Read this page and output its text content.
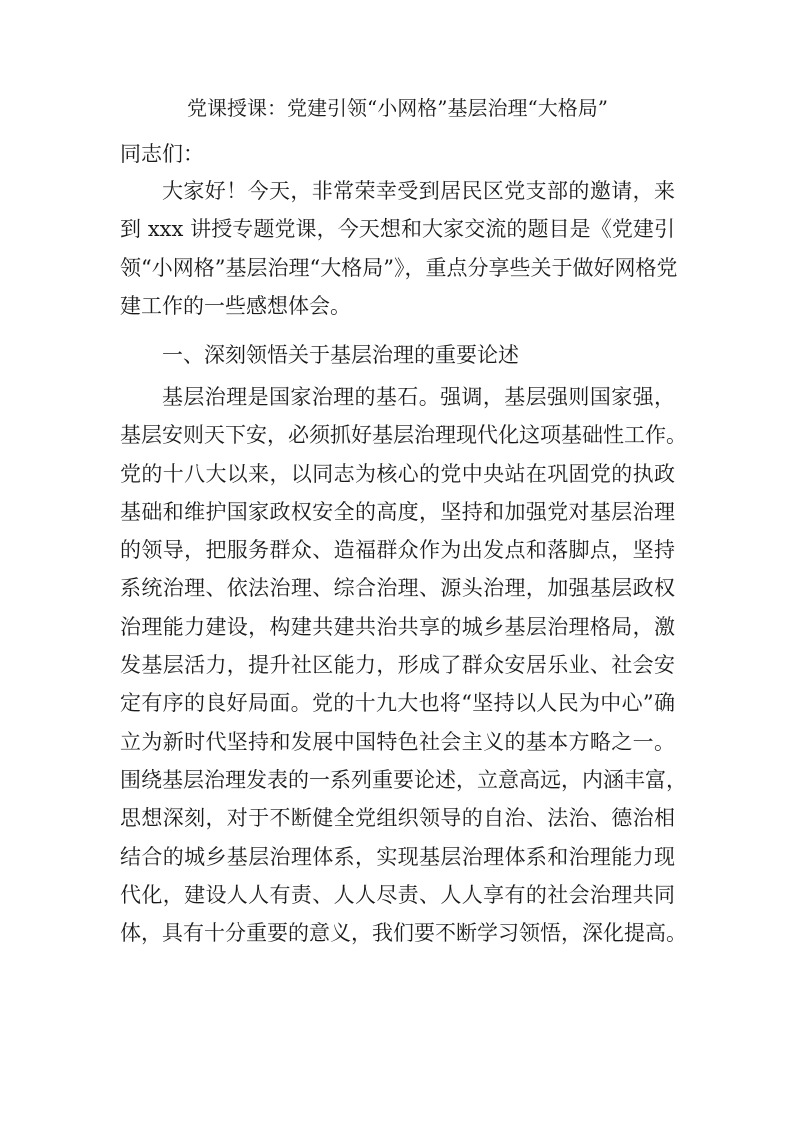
党课授课：党建引领“小网格”基层治理“大格局”
同志们：
大家好！今天，非常荣幸受到居民区党支部的邀请，来
到 xxx 讲授专题党课，今天想和大家交流的题目是《党建引
领“小网格”基层治理“大格局”》，重点分享些关于做好网格党
建工作的一些感想体会。
一、深刻领悟关于基层治理的重要论述
基层治理是国家治理的基石。强调，基层强则国家强，
基层安则天下安，必须抓好基层治理现代化这项基础性工作。
党的十八大以来，以同志为核心的党中央站在巩固党的执政
基础和维护国家政权安全的高度，坚持和加强党对基层治理
的领导，把服务群众、造福群众作为出发点和落脚点，坚持
系统治理、依法治理、综合治理、源头治理，加强基层政权
治理能力建设，构建共建共治共享的城乡基层治理格局，激
发基层活力，提升社区能力，形成了群众安居乐业、社会安
定有序的良好局面。党的十九大也将“坚持以人民为中心”确
立为新时代坚持和发展中国特色社会主义的基本方略之一。
围绕基层治理发表的一系列重要论述，立意高远，内涵丰富，
思想深刻，对于不断健全党组织领导的自治、法治、德治相
结合的城乡基层治理体系，实现基层治理体系和治理能力现
代化，建设人人有责、人人尽责、人人享有的社会治理共同
体，具有十分重要的意义，我们要不断学习领悟，深化提高。
